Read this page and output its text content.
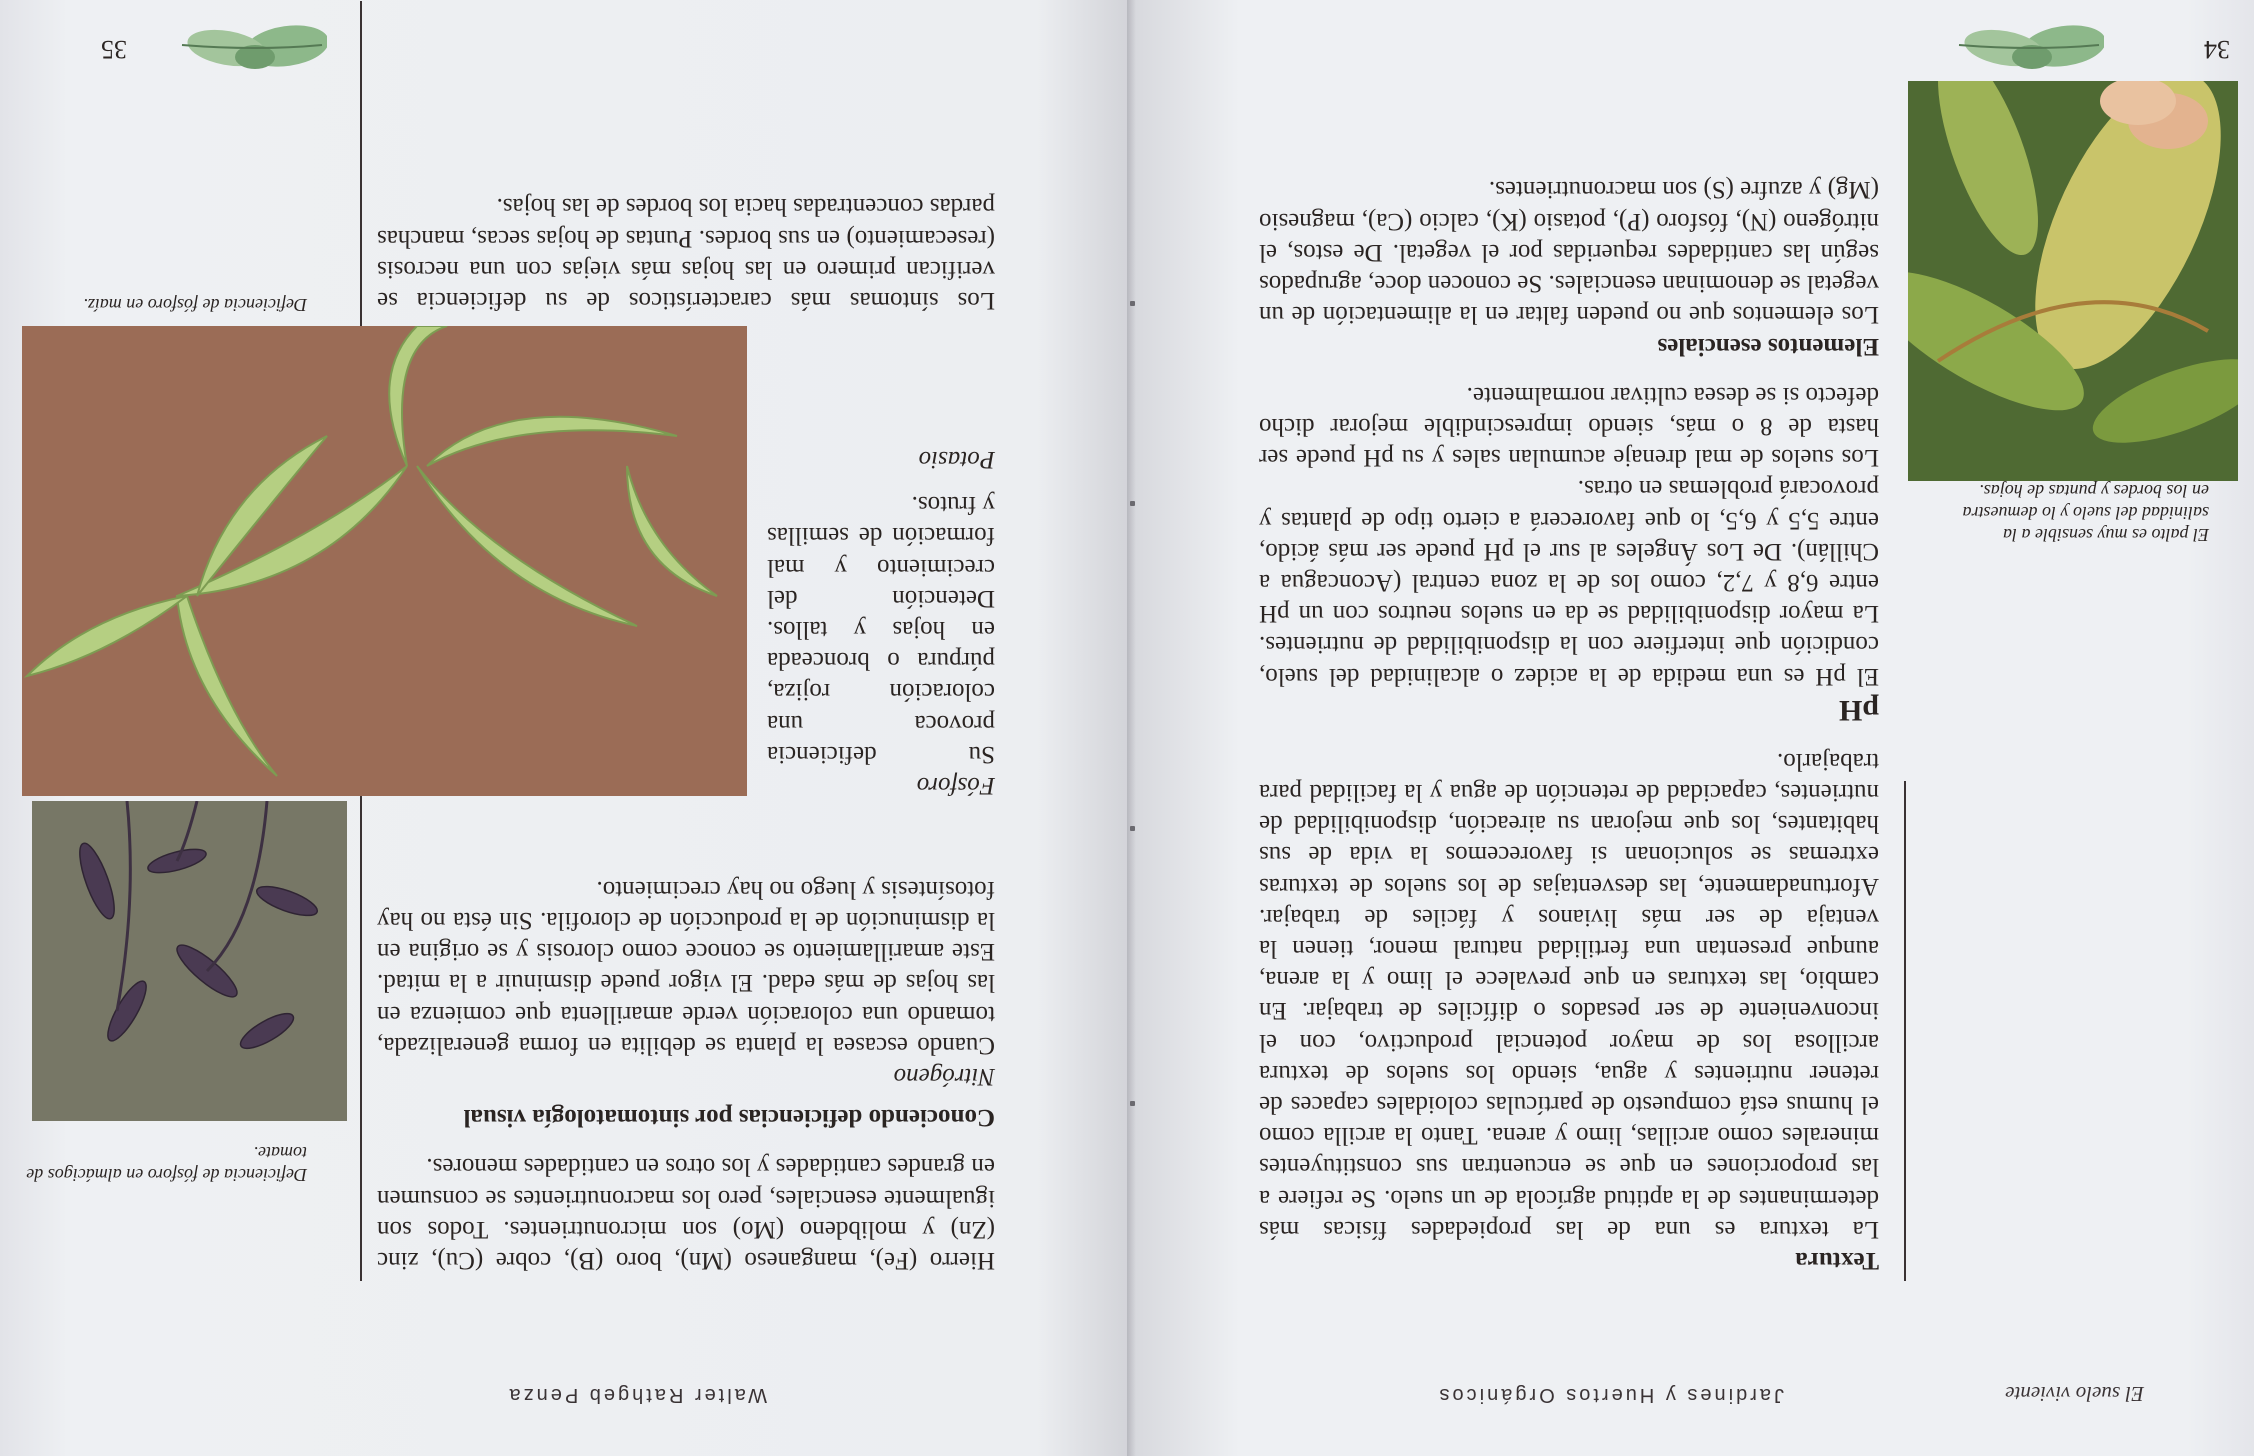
34
Jardines y Huertos Orgánicos	El suelo viviente
El palto es muy sensible a la salinidad del suelo y lo demuestra en los bordes y puntas de hojas.
Textura

La textura es una de las propiedades físicas más determinantes de la aptitud agrícola de un suelo. Se refiere a las proporciones en que se encuentran sus constituyentes minerales como arcillas, limo y arena. Tanto la arcilla como el humus está compuesto de partículas coloidales capaces de retener nutrientes y agua, siendo los suelos de textura arcillosa los de mayor potencial productivo, con el inconveniente de ser pesados o difíciles de trabajar. En cambio, las texturas en que prevalece el limo y la arena, aunque presentan una fertilidad natural menor, tienen la ventaja de ser más livianos y fáciles de trabajar. Afortunadamente, las desventajas de los suelos de texturas extremas se solucionan si favorecemos la vida de sus habitantes, los que mejoran su aireación, disponibilidad de nutrientes, capacidad de retención de agua y la facilidad para trabajarlo.

pH

El pH es una medida de la acidez o alcalinidad del suelo, condición que interfiere con la disponibilidad de nutrientes. La mayor disponibilidad se da en suelos neutros con un pH entre 6,8 y 7,2, como los de la zona central (Aconcagua a Chillán). De Los Ángeles al sur el pH puede ser más ácido, entre 5,5 y 6,5, lo que favorecerá a cierto tipo de plantas y provocará problemas en otras.

Los suelos de mal drenaje acumulan sales y su pH puede ser hasta de 8 o más, siendo imprescindible mejorar dicho defecto si se desea cultivar normalmente.

Elementos esenciales

Los elementos que no pueden faltar en la alimentación de un vegetal se denominan esenciales. Se conocen doce, agrupados según las cantidades requeridas por el vegetal. De estos, el nitrógeno (N), fósforo (P), potasio (K), calcio (Ca), magnesio (Mg) y azufre (S) son macronutrientes.

35
Walter Rathgeb Penza

Hierro (Fe), manganeso (Mn), boro (B), cobre (Cu), zinc (Zn) y molibdeno (Mo) son micronutrientes. Todos son igualmente esenciales, pero los macronutrientes se consumen en grandes cantidades y los otros en cantidades menores.

Conociendo deficiencias por sintomatología visual
Nitrógeno

Cuando escasea la planta se debilita en forma generalizada, tomando una coloración verde amarillenta que comienza en las hojas de más edad. El vigor puede disminuir a la mitad. Este amarillamiento se conoce como clorosis y se origina en la disminución de la producción de clorofila. Sin ésta no hay fotosíntesis y luego no hay crecimiento.

Fósforo

Su deficiencia provoca una coloración rojiza, púrpura o bronceada en hojas y tallos. Detención del crecimiento y mal formación de semillas y frutos.

Potasio

Los síntomas más característicos de su deficiencia se verifican primero en las hojas más viejas con una necrosis (resecamiento) en sus bordes. Puntas de hojas secas, manchas pardas concentradas hacia los bordes de las hojas.

Deficiencia de fósforo en maíz.
Deficiencia de fósforo en almácigos de tomate.
